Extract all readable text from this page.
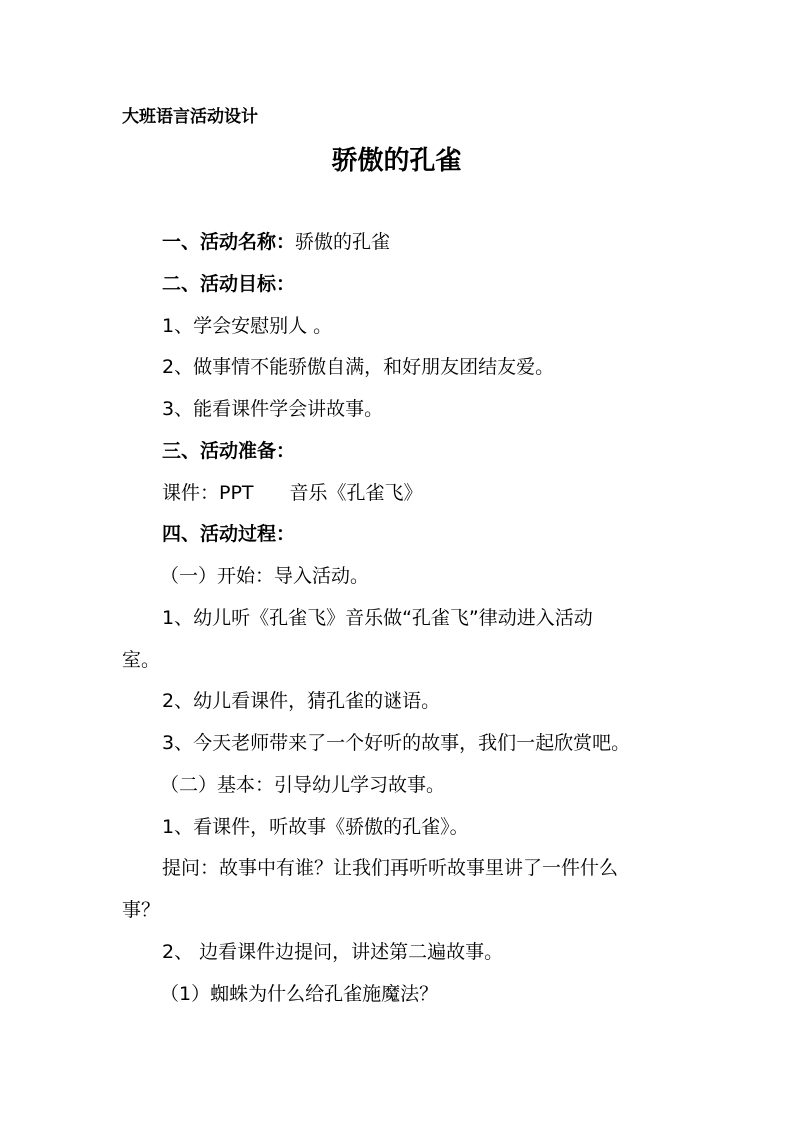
大班语言活动设计
骄傲的孔雀
一、活动名称：骄傲的孔雀
二、活动目标：
1、学会安慰别人 。
2、做事情不能骄傲自满，和好朋友团结友爱。
3、能看课件学会讲故事。
三、活动准备：
课件：PPT 音乐《孔雀飞》
四、活动过程：
（一）开始：导入活动。
1、幼儿听《孔雀飞》音乐做“孔雀飞”律动进入活动
室。
2、幼儿看课件，猜孔雀的谜语。
3、今天老师带来了一个好听的故事，我们一起欣赏吧。
（二）基本：引导幼儿学习故事。
1、看课件，听故事《骄傲的孔雀》。
提问：故事中有谁？让我们再听听故事里讲了一件什么
事？
2、 边看课件边提问，讲述第二遍故事。
（1）蜘蛛为什么给孔雀施魔法？
